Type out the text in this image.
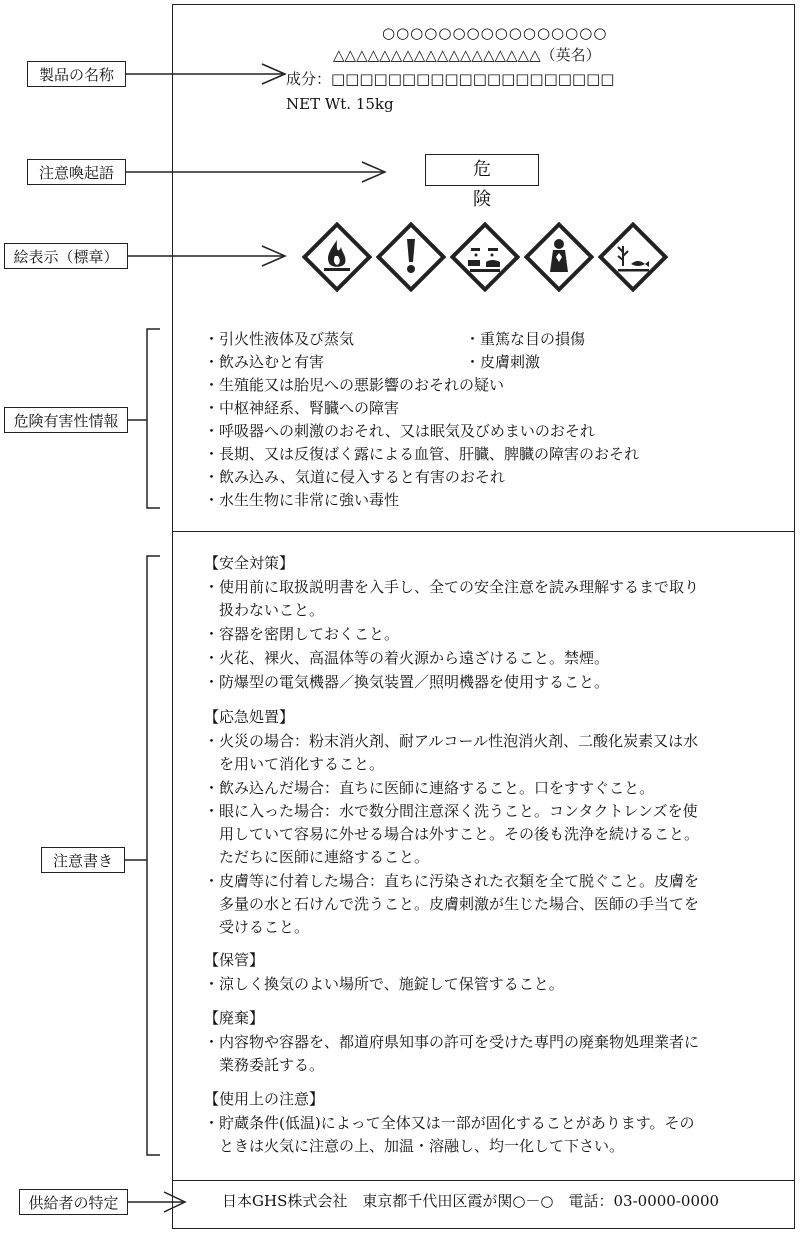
製品の名称
注意喚起語
絵表示（標章）
危険有害性情報
注意書き
供給者の特定
○○○○○○○○○○○○○○○○
△△△△△△△△△△△△△△△△△△（英名）
成分：□□□□□□□□□□□□□□□□□□□□
NET Wt. 15kg
危険
・ 引火性液体及び蒸気	・ 重篤な目の損傷
・ 飲み込むと有害	・ 皮膚刺激
・ 生殖能又は胎児への悪影響のおそれの疑い
・ 中枢神経系、腎臓への障害
・ 呼吸器への刺激のおそれ、又は眠気及びめまいのおそれ
・ 長期、又は反復ばく露による血管、肝臓、脾臓の障害のおそれ
・ 飲み込み、気道に侵入すると有害のおそれ
・ 水生生物に非常に強い毒性
【安全対策】
・使用前に取扱説明書を入手し、全ての安全注意を読み理解するまで取り
　扱わないこと。
・容器を密閉しておくこと。
・火花、裸火、高温体等の着火源から遠ざけること。禁煙。
・防爆型の電気機器／換気装置／照明機器を使用すること。
【応急処置】
・火災の場合：粉末消火剤、耐アルコール性泡消火剤、二酸化炭素又は水
　を用いて消化すること。
・飲み込んだ場合：直ちに医師に連絡すること。口をすすぐこと。
・眼に入った場合：水で数分間注意深く洗うこと。コンタクトレンズを使
　用していて容易に外せる場合は外すこと。その後も洗浄を続けること。
　ただちに医師に連絡すること。
・皮膚等に付着した場合：直ちに汚染された衣類を全て脱ぐこと。皮膚を
　多量の水と石けんで洗うこと。皮膚刺激が生じた場合、医師の手当てを
　受けること。
【保管】
・涼しく換気のよい場所で、施錠して保管すること。
【廃棄】
・内容物や容器を、都道府県知事の許可を受けた専門の廃棄物処理業者に
　業務委託する。
【使用上の注意】
・貯蔵条件(低温)によって全体又は一部が固化することがあります。その
　ときは火気に注意の上、加温・溶融し、均一化して下さい。
日本GHS株式会社　東京都千代田区霞が関○－○　電話：03-0000-0000
